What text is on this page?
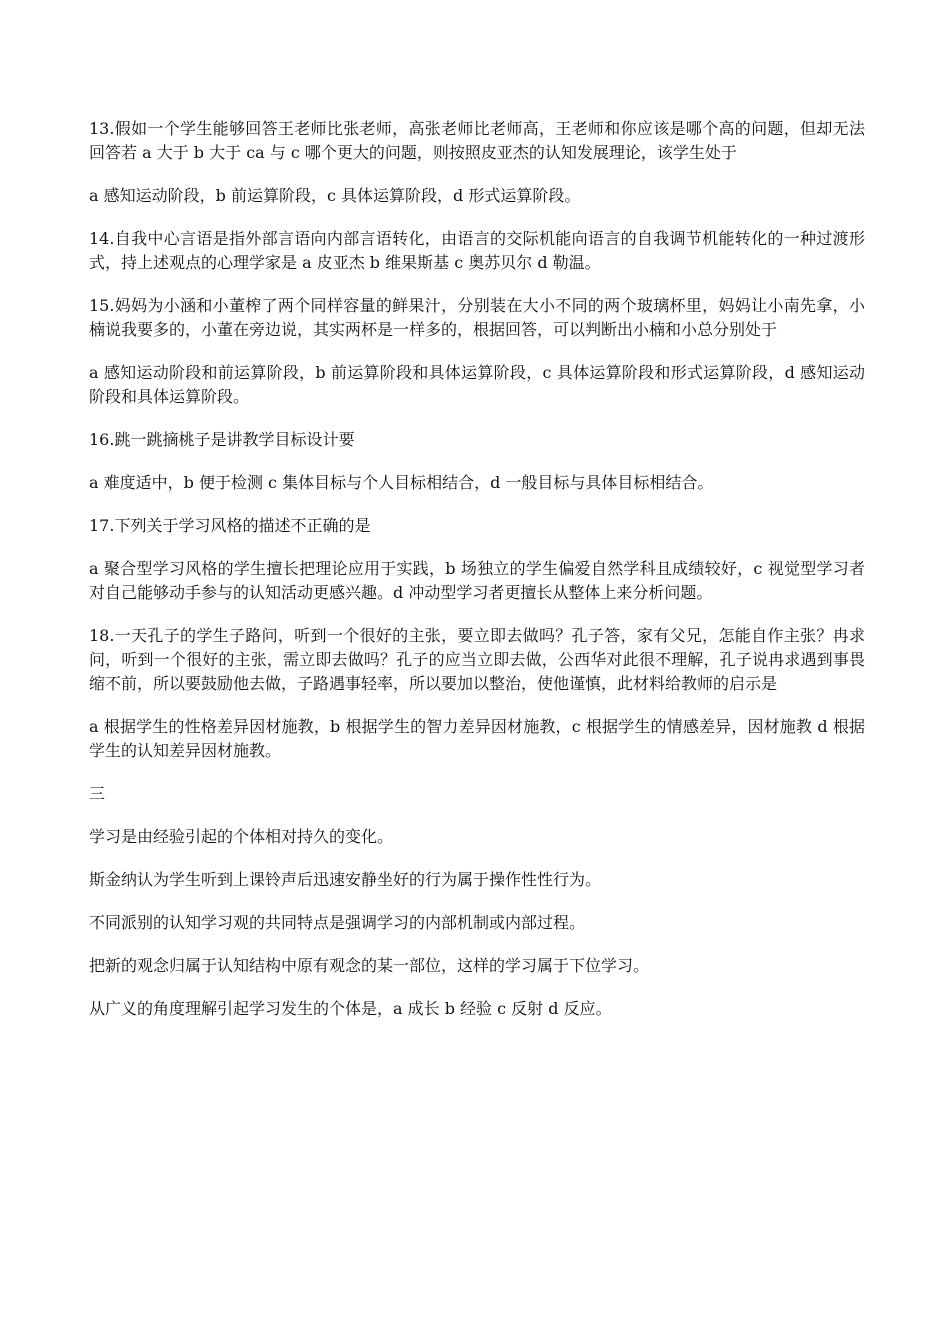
13.假如一个学生能够回答王老师比张老师，高张老师比老师高，王老师和你应该是哪个高的问题，但却无法回答若 a 大于 b 大于 ca 与 c 哪个更大的问题，则按照皮亚杰的认知发展理论，该学生处于

a 感知运动阶段，b 前运算阶段，c 具体运算阶段，d 形式运算阶段。

14.自我中心言语是指外部言语向内部言语转化，由语言的交际机能向语言的自我调节机能转化的一种过渡形式，持上述观点的心理学家是 a 皮亚杰 b 维果斯基 c 奥苏贝尔 d 勒温。

15.妈妈为小涵和小董榨了两个同样容量的鲜果汁，分别装在大小不同的两个玻璃杯里，妈妈让小南先拿，小楠说我要多的，小董在旁边说，其实两杯是一样多的，根据回答，可以判断出小楠和小总分别处于

a 感知运动阶段和前运算阶段，b 前运算阶段和具体运算阶段，c 具体运算阶段和形式运算阶段，d 感知运动阶段和具体运算阶段。

16.跳一跳摘桃子是讲教学目标设计要

a 难度适中，b 便于检测 c 集体目标与个人目标相结合，d 一般目标与具体目标相结合。

17.下列关于学习风格的描述不正确的是

a 聚合型学习风格的学生擅长把理论应用于实践，b 场独立的学生偏爱自然学科且成绩较好，c 视觉型学习者对自己能够动手参与的认知活动更感兴趣。d 冲动型学习者更擅长从整体上来分析问题。

18.一天孔子的学生子路问，听到一个很好的主张，要立即去做吗？孔子答，家有父兄，怎能自作主张？冉求问，听到一个很好的主张，需立即去做吗？孔子的应当立即去做，公西华对此很不理解，孔子说冉求遇到事畏缩不前，所以要鼓励他去做，子路遇事轻率，所以要加以整治，使他谨慎，此材料给教师的启示是

a 根据学生的性格差异因材施教，b 根据学生的智力差异因材施教，c 根据学生的情感差异，因材施教 d 根据学生的认知差异因材施教。

三

学习是由经验引起的个体相对持久的变化。

斯金纳认为学生听到上课铃声后迅速安静坐好的行为属于操作性性行为。

不同派别的认知学习观的共同特点是强调学习的内部机制或内部过程。

把新的观念归属于认知结构中原有观念的某一部位，这样的学习属于下位学习。

从广义的角度理解引起学习发生的个体是，a 成长 b 经验 c 反射 d 反应。
